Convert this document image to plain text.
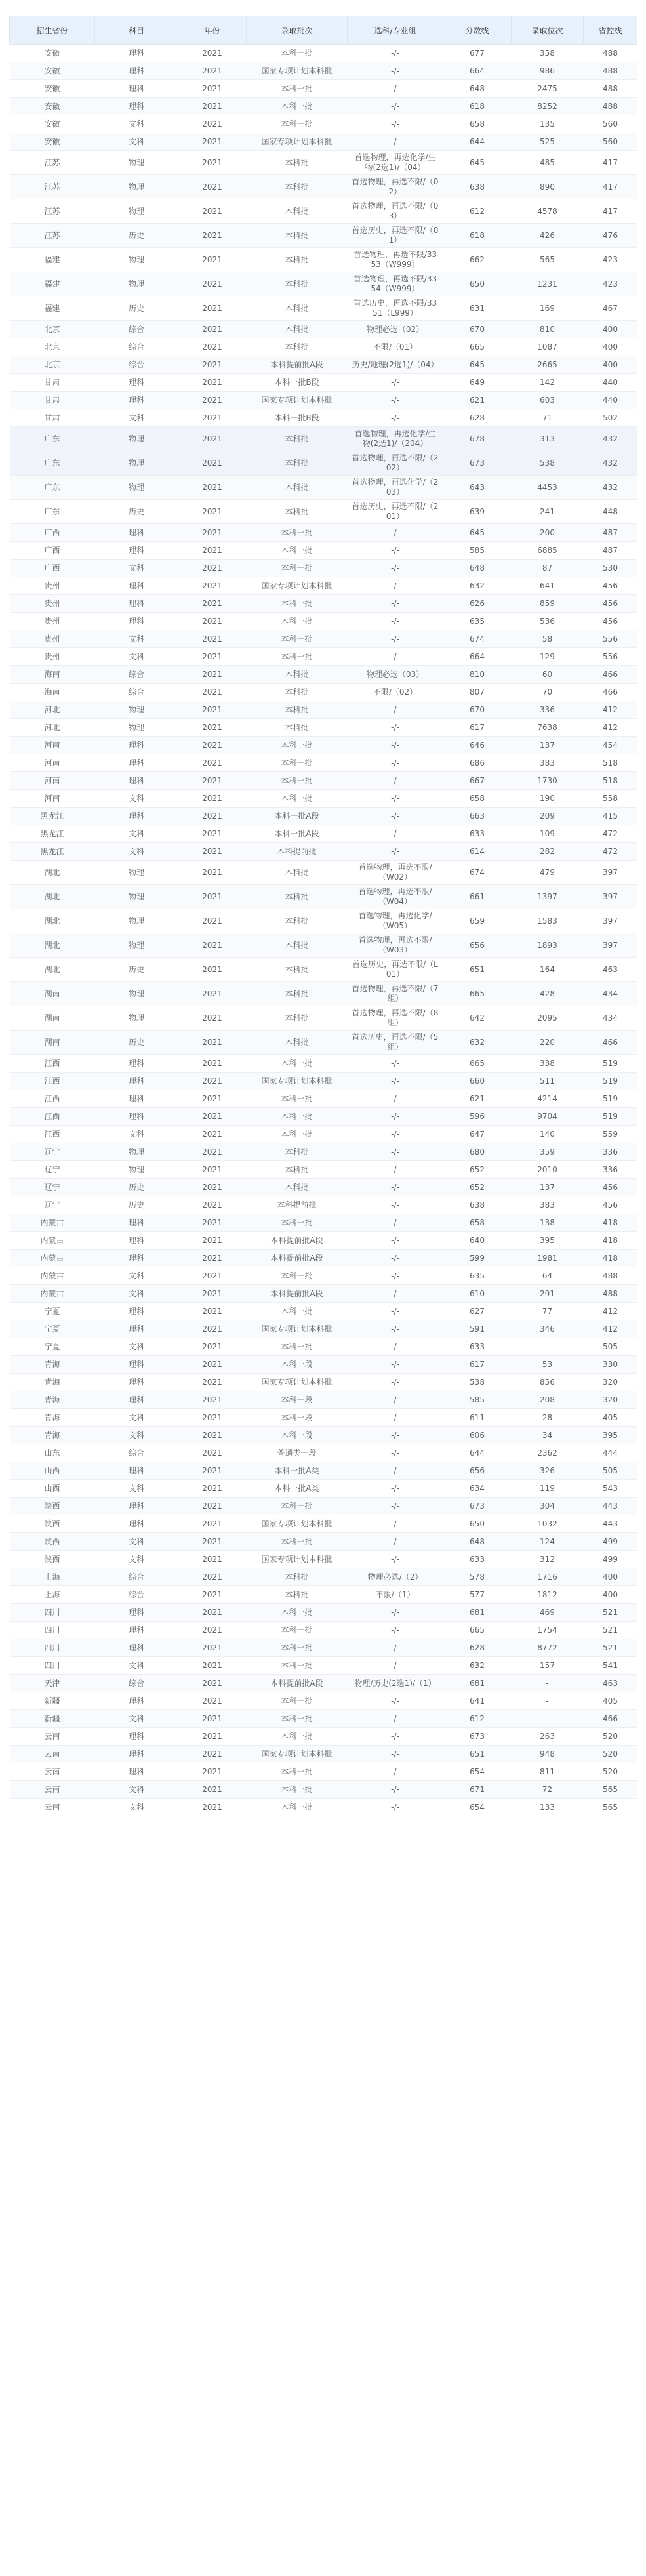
招生省份	科目	年份	录取批次	选科/专业组	分数线	录取位次	省控线
安徽	理科	2021	本科一批	-/-	677	358	488
安徽	理科	2021	国家专项计划本科批	-/-	664	986	488
安徽	理科	2021	本科一批	-/-	648	2475	488
安徽	理科	2021	本科一批	-/-	618	8252	488
安徽	文科	2021	本科一批	-/-	658	135	560
安徽	文科	2021	国家专项计划本科批	-/-	644	525	560
江苏	物理	2021	本科批	首选物理，再选化学/生物(2选1)/（04）	645	485	417
江苏	物理	2021	本科批	首选物理，再选不限/（02）	638	890	417
江苏	物理	2021	本科批	首选物理，再选不限/（03）	612	4578	417
江苏	历史	2021	本科批	首选历史，再选不限/（01）	618	426	476
福建	物理	2021	本科批	首选物理，再选不限/3353（W999）	662	565	423
福建	物理	2021	本科批	首选物理，再选不限/3354（W999）	650	1231	423
福建	历史	2021	本科批	首选历史，再选不限/3351（L999）	631	169	467
北京	综合	2021	本科批	物理必选（02）	670	810	400
北京	综合	2021	本科批	不限/（01）	665	1087	400
北京	综合	2021	本科提前批A段	历史/地理(2选1)/（04）	645	2665	400
甘肃	理科	2021	本科一批B段	-/-	649	142	440
甘肃	理科	2021	国家专项计划本科批	-/-	621	603	440
甘肃	文科	2021	本科一批B段	-/-	628	71	502
广东	物理	2021	本科批	首选物理，再选化学/生物(2选1)/（204）	678	313	432
广东	物理	2021	本科批	首选物理，再选不限/（202）	673	538	432
广东	物理	2021	本科批	首选物理，再选化学/（203）	643	4453	432
广东	历史	2021	本科批	首选历史，再选不限/（201）	639	241	448
广西	理科	2021	本科一批	-/-	645	200	487
广西	理科	2021	本科一批	-/-	585	6885	487
广西	文科	2021	本科一批	-/-	648	87	530
贵州	理科	2021	国家专项计划本科批	-/-	632	641	456
贵州	理科	2021	本科一批	-/-	626	859	456
贵州	理科	2021	本科一批	-/-	635	536	456
贵州	文科	2021	本科一批	-/-	674	58	556
贵州	文科	2021	本科一批	-/-	664	129	556
海南	综合	2021	本科批	物理必选（03）	810	60	466
海南	综合	2021	本科批	不限/（02）	807	70	466
河北	物理	2021	本科批	-/-	670	336	412
河北	物理	2021	本科批	-/-	617	7638	412
河南	理科	2021	本科一批	-/-	646	137	454
河南	理科	2021	本科一批	-/-	686	383	518
河南	理科	2021	本科一批	-/-	667	1730	518
河南	文科	2021	本科一批	-/-	658	190	558
黑龙江	理科	2021	本科一批A段	-/-	663	209	415
黑龙江	文科	2021	本科一批A段	-/-	633	109	472
黑龙江	文科	2021	本科提前批	-/-	614	282	472
湖北	物理	2021	本科批	首选物理，再选不限/（W02）	674	479	397
湖北	物理	2021	本科批	首选物理，再选不限/（W04）	661	1397	397
湖北	物理	2021	本科批	首选物理，再选化学/（W05）	659	1583	397
湖北	物理	2021	本科批	首选物理，再选不限/（W03）	656	1893	397
湖北	历史	2021	本科批	首选历史，再选不限/（L01）	651	164	463
湖南	物理	2021	本科批	首选物理，再选不限/（7组）	665	428	434
湖南	物理	2021	本科批	首选物理，再选不限/（8组）	642	2095	434
湖南	历史	2021	本科批	首选历史，再选不限/（5组）	632	220	466
江西	理科	2021	本科一批	-/-	665	338	519
江西	理科	2021	国家专项计划本科批	-/-	660	511	519
江西	理科	2021	本科一批	-/-	621	4214	519
江西	理科	2021	本科一批	-/-	596	9704	519
江西	文科	2021	本科一批	-/-	647	140	559
辽宁	物理	2021	本科批	-/-	680	359	336
辽宁	物理	2021	本科批	-/-	652	2010	336
辽宁	历史	2021	本科批	-/-	652	137	456
辽宁	历史	2021	本科提前批	-/-	638	383	456
内蒙古	理科	2021	本科一批	-/-	658	138	418
内蒙古	理科	2021	本科提前批A段	-/-	640	395	418
内蒙古	理科	2021	本科提前批A段	-/-	599	1981	418
内蒙古	文科	2021	本科一批	-/-	635	64	488
内蒙古	文科	2021	本科提前批A段	-/-	610	291	488
宁夏	理科	2021	本科一批	-/-	627	77	412
宁夏	理科	2021	国家专项计划本科批	-/-	591	346	412
宁夏	文科	2021	本科一批	-/-	633	-	505
青海	理科	2021	本科一段	-/-	617	53	330
青海	理科	2021	国家专项计划本科批	-/-	538	856	320
青海	理科	2021	本科一段	-/-	585	208	320
青海	文科	2021	本科一段	-/-	611	28	405
青海	文科	2021	本科一段	-/-	606	34	395
山东	综合	2021	普通类一段	-/-	644	2362	444
山西	理科	2021	本科一批A类	-/-	656	326	505
山西	文科	2021	本科一批A类	-/-	634	119	543
陕西	理科	2021	本科一批	-/-	673	304	443
陕西	理科	2021	国家专项计划本科批	-/-	650	1032	443
陕西	文科	2021	本科一批	-/-	648	124	499
陕西	文科	2021	国家专项计划本科批	-/-	633	312	499
上海	综合	2021	本科批	物理必选/（2）	578	1716	400
上海	综合	2021	本科批	不限/（1）	577	1812	400
四川	理科	2021	本科一批	-/-	681	469	521
四川	理科	2021	本科一批	-/-	665	1754	521
四川	理科	2021	本科一批	-/-	628	8772	521
四川	文科	2021	本科一批	-/-	632	157	541
天津	综合	2021	本科提前批A段	物理/历史(2选1)/（1）	681	-	463
新疆	理科	2021	本科一批	-/-	641	-	405
新疆	文科	2021	本科一批	-/-	612	-	466
云南	理科	2021	本科一批	-/-	673	263	520
云南	理科	2021	国家专项计划本科批	-/-	651	948	520
云南	理科	2021	本科一批	-/-	654	811	520
云南	文科	2021	本科一批	-/-	671	72	565
云南	文科	2021	本科一批	-/-	654	133	565
